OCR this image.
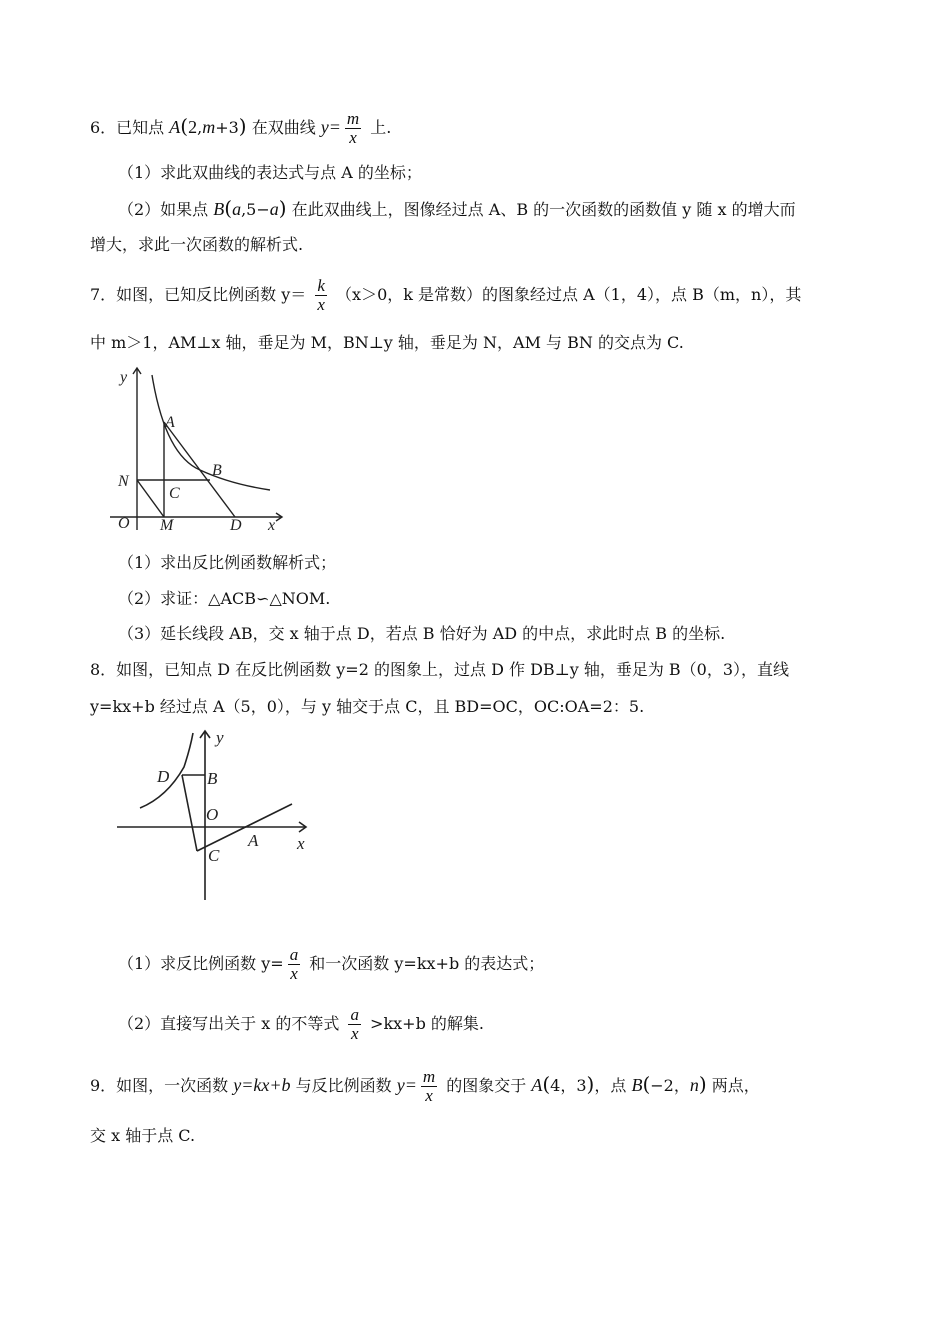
6．已知点 A(2,m+3) 在双曲线 $y= \frac{m}{x}$ 上.
（1）求此双曲线的表达式与点 A 的坐标；
（2）如果点 B(a,5−a) 在此双曲线上，图像经过点 A、B 的一次函数的函数值 y 随 x 的增大而
增大，求此一次函数的解析式.
7．如图，已知反比例函数 $y= \frac{k}{x} (x>0$，k 是常数）的图象经过点 A（1，4），点 B（m，n），其
中 m＞1，AM⊥x 轴，垂足为 M，BN⊥y 轴，垂足为 N，AM 与 BN 的交点为 C.
y
A
B
N
C
O M	D x
（1）求出反比例函数解析式；
（2）求证：△ACB∽△NOM.
（3）延长线段 AB，交 x 轴于点 D，若点 B 恰好为 AD 的中点，求此时点 B 的坐标.
8．如图，已知点 D 在反比例函数 y=2 的图象上，过点 D 作 DB⊥y 轴，垂足为 B（0，3），直线
y=kx+b 经过点 A（5，0），与 y 轴交于点 C，且 BD=OC，OC:OA=2：5.
y
D B
O
A
C
x
（1）求反比例函数 $y= \frac{a}{x}$ 和一次函数 y=kx+b 的表达式；
（2）直接写出关于 x 的不等式 $\frac{a}{x} >kx+b$ 的解集.
9．如图，一次函数 y=kx+b 与反比例函数 $y= \frac{m}{x}$ 的图象交于 A(4，3)，点 B(−2，n) 两点，
交 x 轴于点 C.
